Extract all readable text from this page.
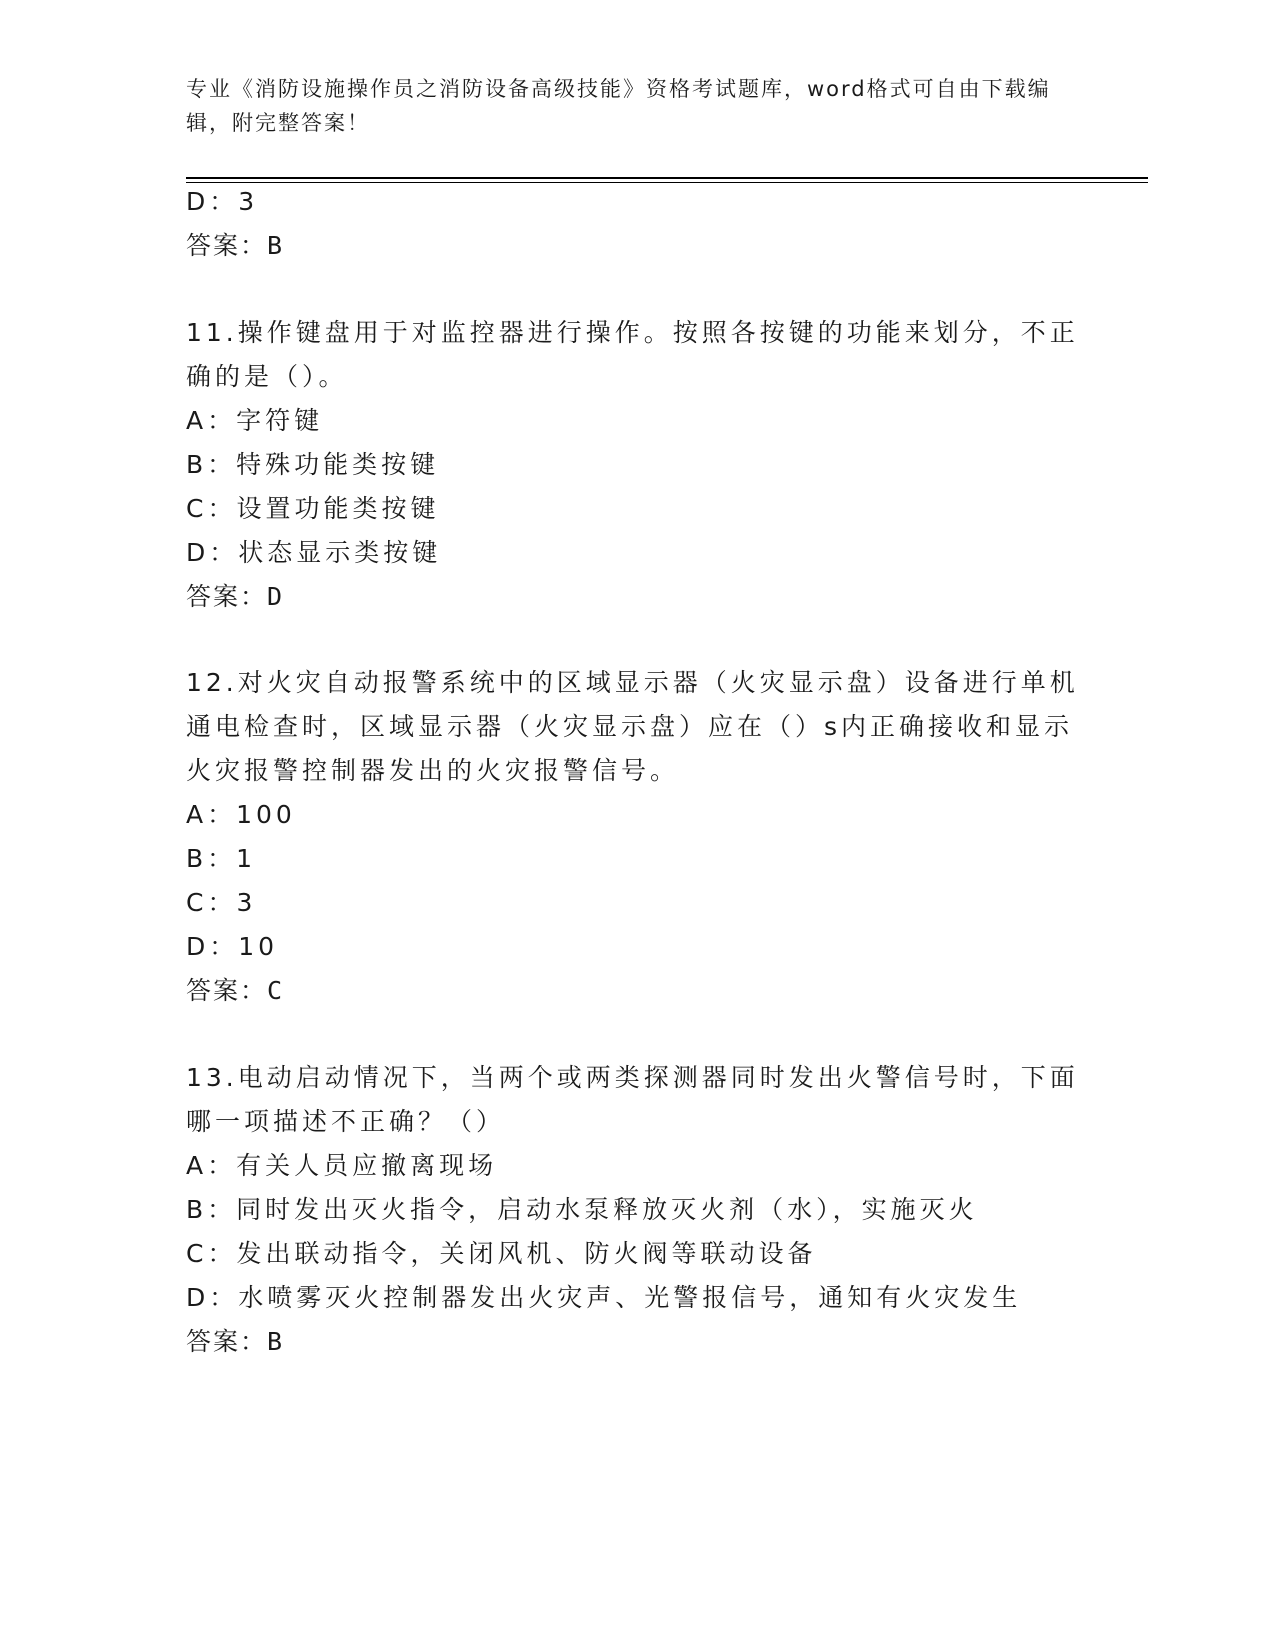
专业《消防设施操作员之消防设备高级技能》资格考试题库，word格式可自由下载编辑，附完整答案！
D：3
答案：B
11.操作键盘用于对监控器进行操作。按照各按键的功能来划分，不正
确的是（）。
A：字符键
B：特殊功能类按键
C：设置功能类按键
D：状态显示类按键
答案：D
12.对火灾自动报警系统中的区域显示器（火灾显示盘）设备进行单机
通电检查时，区域显示器（火灾显示盘）应在（）s内正确接收和显示
火灾报警控制器发出的火灾报警信号。
A：100
B：1
C：3
D：10
答案：C
13.电动启动情况下，当两个或两类探测器同时发出火警信号时，下面
哪一项描述不正确？（）
A：有关人员应撤离现场
B：同时发出灭火指令，启动水泵释放灭火剂（水），实施灭火
C：发出联动指令，关闭风机、防火阀等联动设备
D：水喷雾灭火控制器发出火灾声、光警报信号，通知有火灾发生
答案：B
